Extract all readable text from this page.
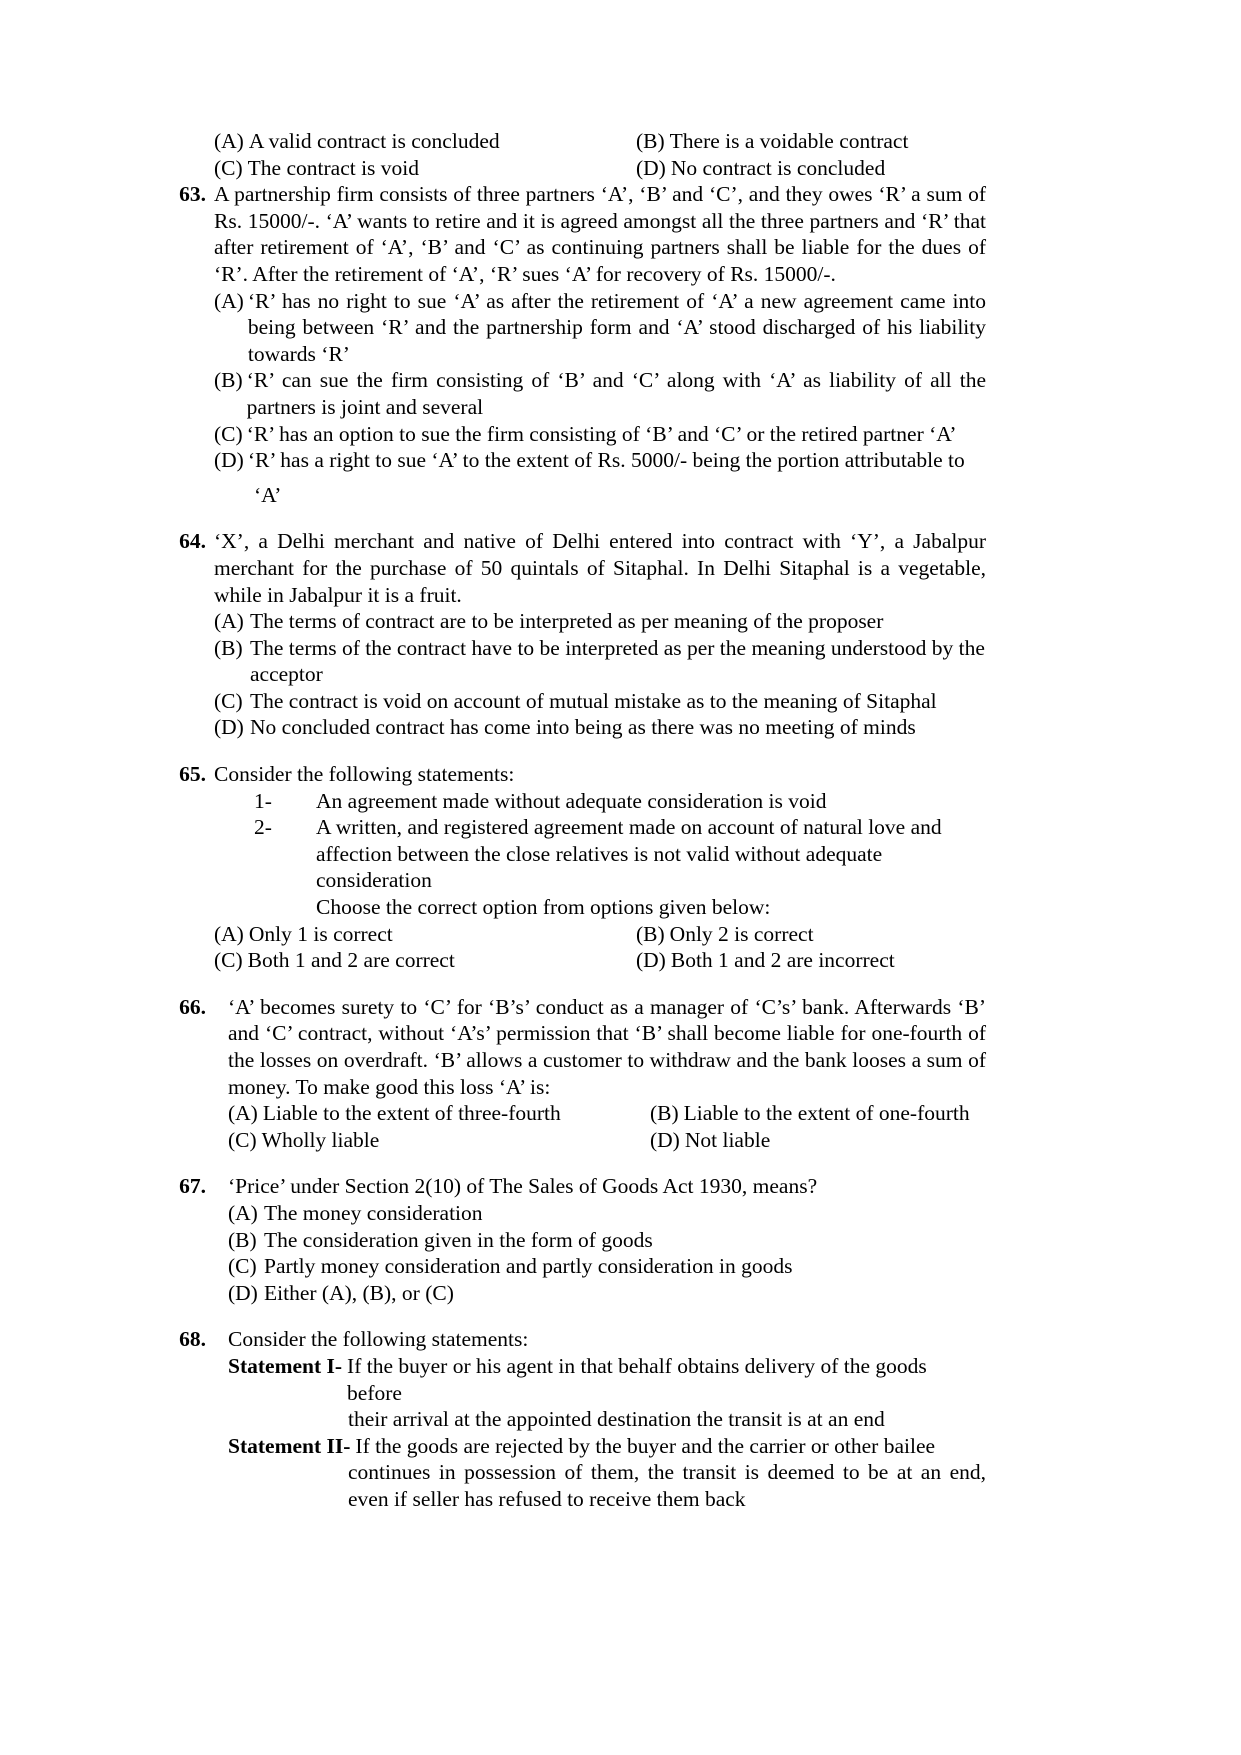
(A) A valid contract is concluded	(B) There is a voidable contract
(C) The contract is void	(D) No contract is concluded
63. A partnership firm consists of three partners ‘A’, ‘B’ and ‘C’, and they owes ‘R’ a sum of Rs. 15000/-. ‘A’ wants to retire and it is agreed amongst all the three partners and ‘R’ that after retirement of ‘A’, ‘B’ and ‘C’ as continuing partners shall be liable for the dues of ‘R’. After the retirement of ‘A’, ‘R’ sues ‘A’ for recovery of Rs. 15000/-.
(A) ‘R’ has no right to sue ‘A’ as after the retirement of ‘A’ a new agreement came into being between ‘R’ and the partnership form and ‘A’ stood discharged of his liability towards ‘R’
(B) ‘R’ can sue the firm consisting of ‘B’ and ‘C’ along with ‘A’ as liability of all the partners is joint and several
(C) ‘R’ has an option to sue the firm consisting of ‘B’ and ‘C’ or the retired partner ‘A’
(D) ‘R’ has a right to sue ‘A’ to the extent of Rs. 5000/- being the portion attributable to
‘A’
64. ‘X’, a Delhi merchant and native of Delhi entered into contract with ‘Y’, a Jabalpur merchant for the purchase of 50 quintals of Sitaphal. In Delhi Sitaphal is a vegetable, while in Jabalpur it is a fruit.
(A) The terms of contract are to be interpreted as per meaning of the proposer
(B) The terms of the contract have to be interpreted as per the meaning understood by the acceptor
(C) The contract is void on account of mutual mistake as to the meaning of Sitaphal
(D) No concluded contract has come into being as there was no meeting of minds
65. Consider the following statements:
1-	An agreement made without adequate consideration is void
2-	A written, and registered agreement made on account of natural love and affection between the close relatives is not valid without adequate consideration
Choose the correct option from options given below:
(A) Only 1 is correct	(B) Only 2 is correct
(C) Both 1 and 2 are correct	(D) Both 1 and 2 are incorrect
66. ‘A’ becomes surety to ‘C’ for ‘B’s’ conduct as a manager of ‘C’s’ bank. Afterwards ‘B’ and ‘C’ contract, without ‘A’s’ permission that ‘B’ shall become liable for one-fourth of the losses on overdraft. ‘B’ allows a customer to withdraw and the bank looses a sum of money. To make good this loss ‘A’ is:
(A) Liable to the extent of three-fourth	(B) Liable to the extent of one-fourth
(C) Wholly liable	(D) Not liable
67. ‘Price’ under Section 2(10) of The Sales of Goods Act 1930, means?
(A) The money consideration
(B) The consideration given in the form of goods
(C) Partly money consideration and partly consideration in goods
(D) Either (A), (B), or (C)
68. Consider the following statements:
Statement I- If the buyer or his agent in that behalf obtains delivery of the goods before
their arrival at the appointed destination the transit is at an end
Statement II- If the goods are rejected by the buyer and the carrier or other bailee
continues in possession of them, the transit is deemed to be at an end, even if seller has refused to receive them back
